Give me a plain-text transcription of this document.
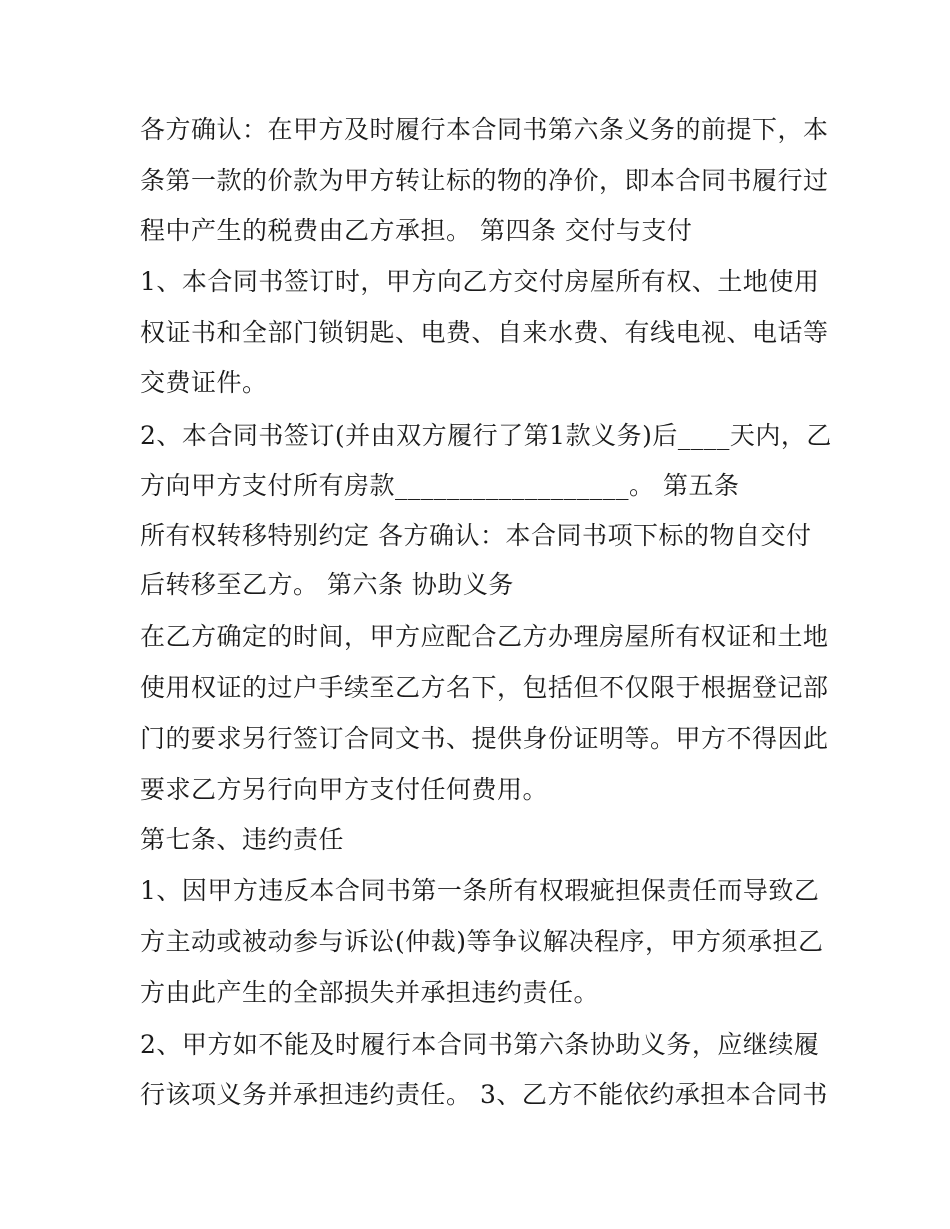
各方确认：在甲方及时履行本合同书第六条义务的前提下，本
条第一款的价款为甲方转让标的物的净价，即本合同书履行过
程中产生的税费由乙方承担。 第四条 交付与支付
1、本合同书签订时，甲方向乙方交付房屋所有权、土地使用
权证书和全部门锁钥匙、电费、自来水费、有线电视、电话等
交费证件。
2、本合同书签订(并由双方履行了第1款义务)后____天内，乙
方向甲方支付所有房款__________________。 第五条
所有权转移特别约定 各方确认：本合同书项下标的物自交付
后转移至乙方。 第六条 协助义务
在乙方确定的时间，甲方应配合乙方办理房屋所有权证和土地
使用权证的过户手续至乙方名下，包括但不仅限于根据登记部
门的要求另行签订合同文书、提供身份证明等。甲方不得因此
要求乙方另行向甲方支付任何费用。
第七条、违约责任
1、因甲方违反本合同书第一条所有权瑕疵担保责任而导致乙
方主动或被动参与诉讼(仲裁)等争议解决程序，甲方须承担乙
方由此产生的全部损失并承担违约责任。
2、甲方如不能及时履行本合同书第六条协助义务，应继续履
行该项义务并承担违约责任。 3、乙方不能依约承担本合同书
